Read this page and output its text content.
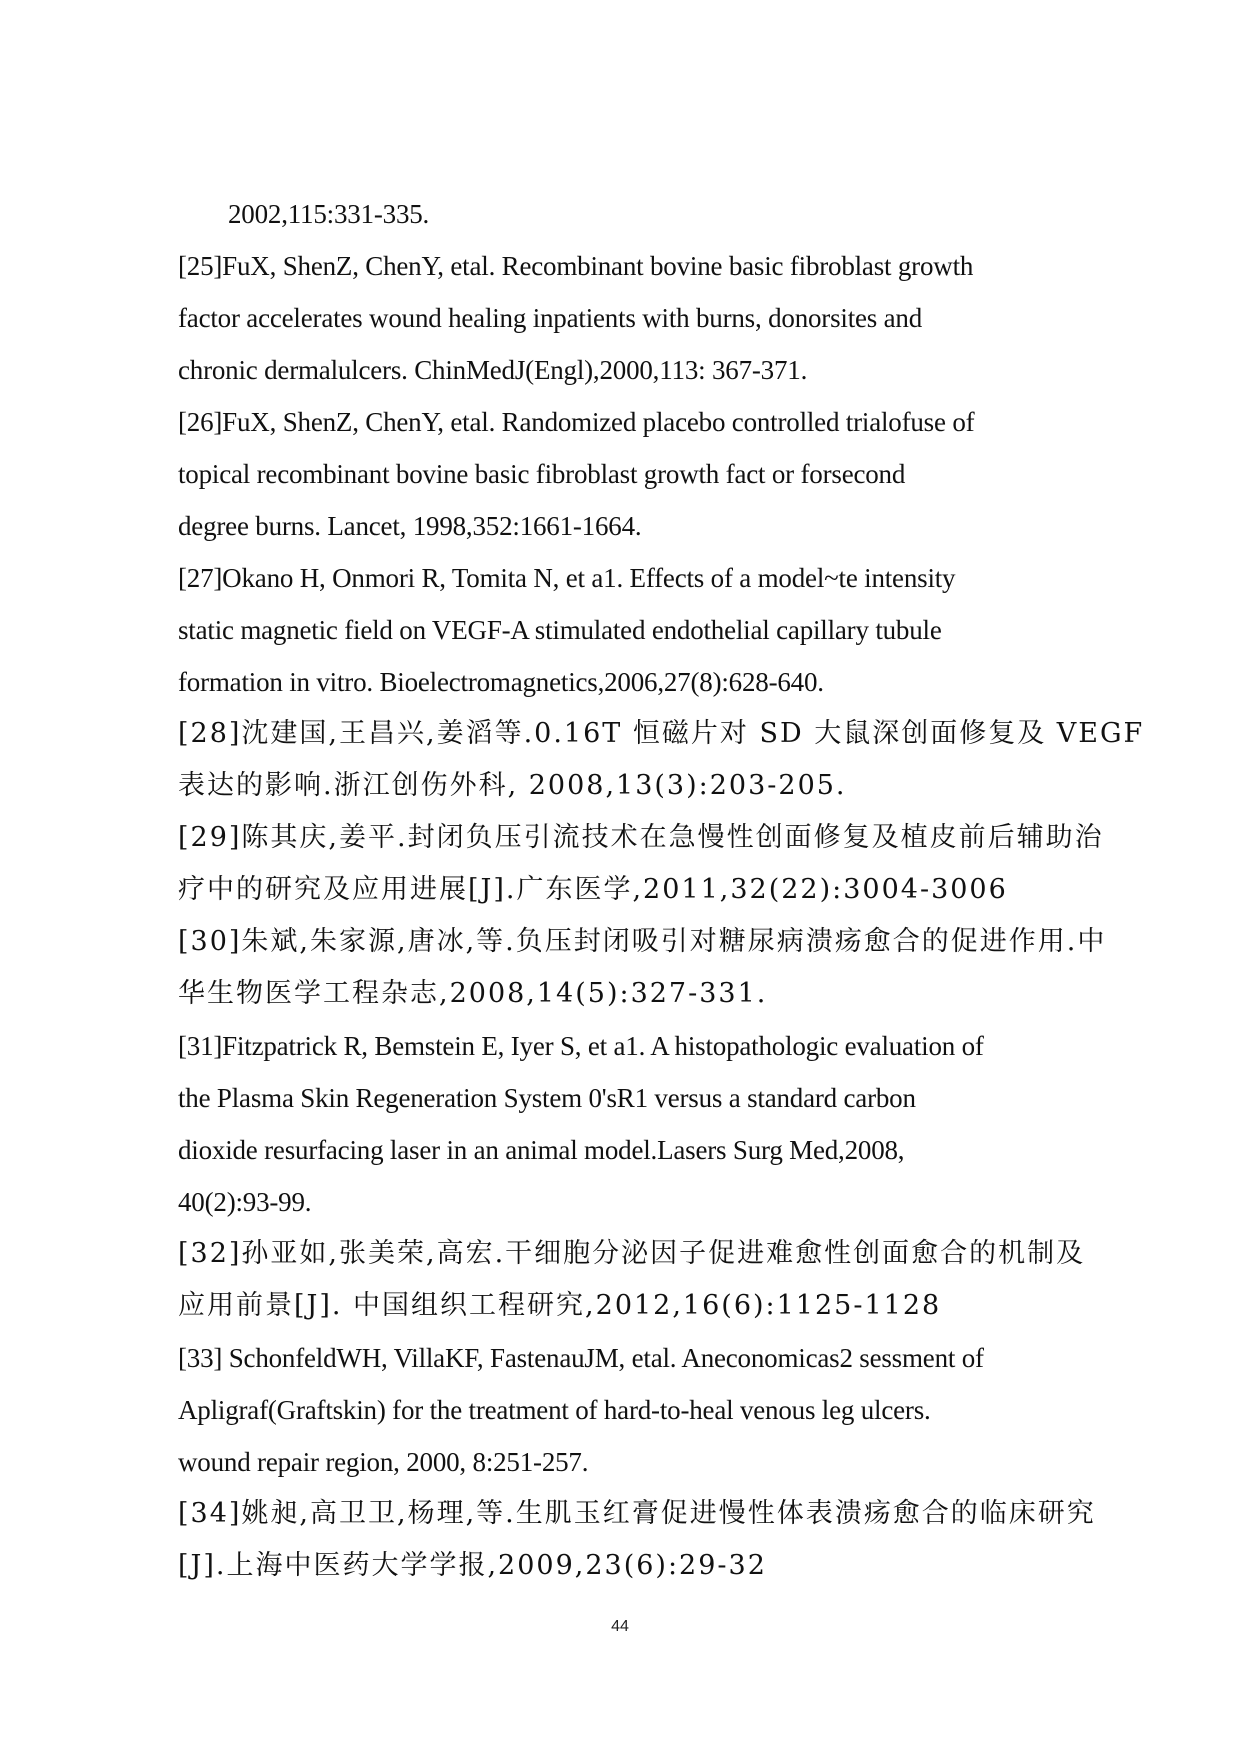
2002,115:331-335.

[25]FuX, ShenZ, ChenY, etal. Recombinant bovine basic fibroblast growth
factor accelerates wound healing inpatients with burns, donorsites and
chronic dermalulcers. ChinMedJ(Engl),2000,113: 367-371.

[26]FuX, ShenZ, ChenY, etal. Randomized placebo controlled trialofuse of
topical recombinant bovine basic fibroblast growth fact or forsecond
degree burns. Lancet, 1998,352:1661-1664.

[27]Okano H, Onmori R, Tomita N, et a1. Effects of a model~te intensity
static magnetic field on VEGF-A stimulated endothelial capillary tubule
formation in vitro. Bioelectromagnetics,2006,27(8):628-640.

[28]沈建国,王昌兴,姜滔等.0.16T 恒磁片对 SD 大鼠深创面修复及 VEGF
表达的影响.浙江创伤外科, 2008,13(3):203-205.

[29]陈其庆,姜平.封闭负压引流技术在急慢性创面修复及植皮前后辅助治
疗中的研究及应用进展[J].广东医学,2011,32(22):3004-3006

[30]朱斌,朱家源,唐冰,等.负压封闭吸引对糖尿病溃疡愈合的促进作用.中
华生物医学工程杂志,2008,14(5):327-331.

[31]Fitzpatrick R, Bemstein E, Iyer S, et a1. A histopathologic evaluation of
the Plasma Skin Regeneration System 0'sR1 versus a standard carbon
dioxide resurfacing laser in an animal model.Lasers Surg Med,2008,
40(2):93-99.

[32]孙亚如,张美荣,高宏.干细胞分泌因子促进难愈性创面愈合的机制及
应用前景[J]. 中国组织工程研究,2012,16(6):1125-1128

[33] SchonfeldWH, VillaKF, FastenauJM, etal. Aneconomicas2 sessment of
Apligraf(Graftskin) for the treatment of hard-to-heal venous leg ulcers.
wound repair region, 2000, 8:251-257.

[34]姚昶,高卫卫,杨理,等.生肌玉红膏促进慢性体表溃疡愈合的临床研究
[J].上海中医药大学学报,2009,23(6):29-32

44
